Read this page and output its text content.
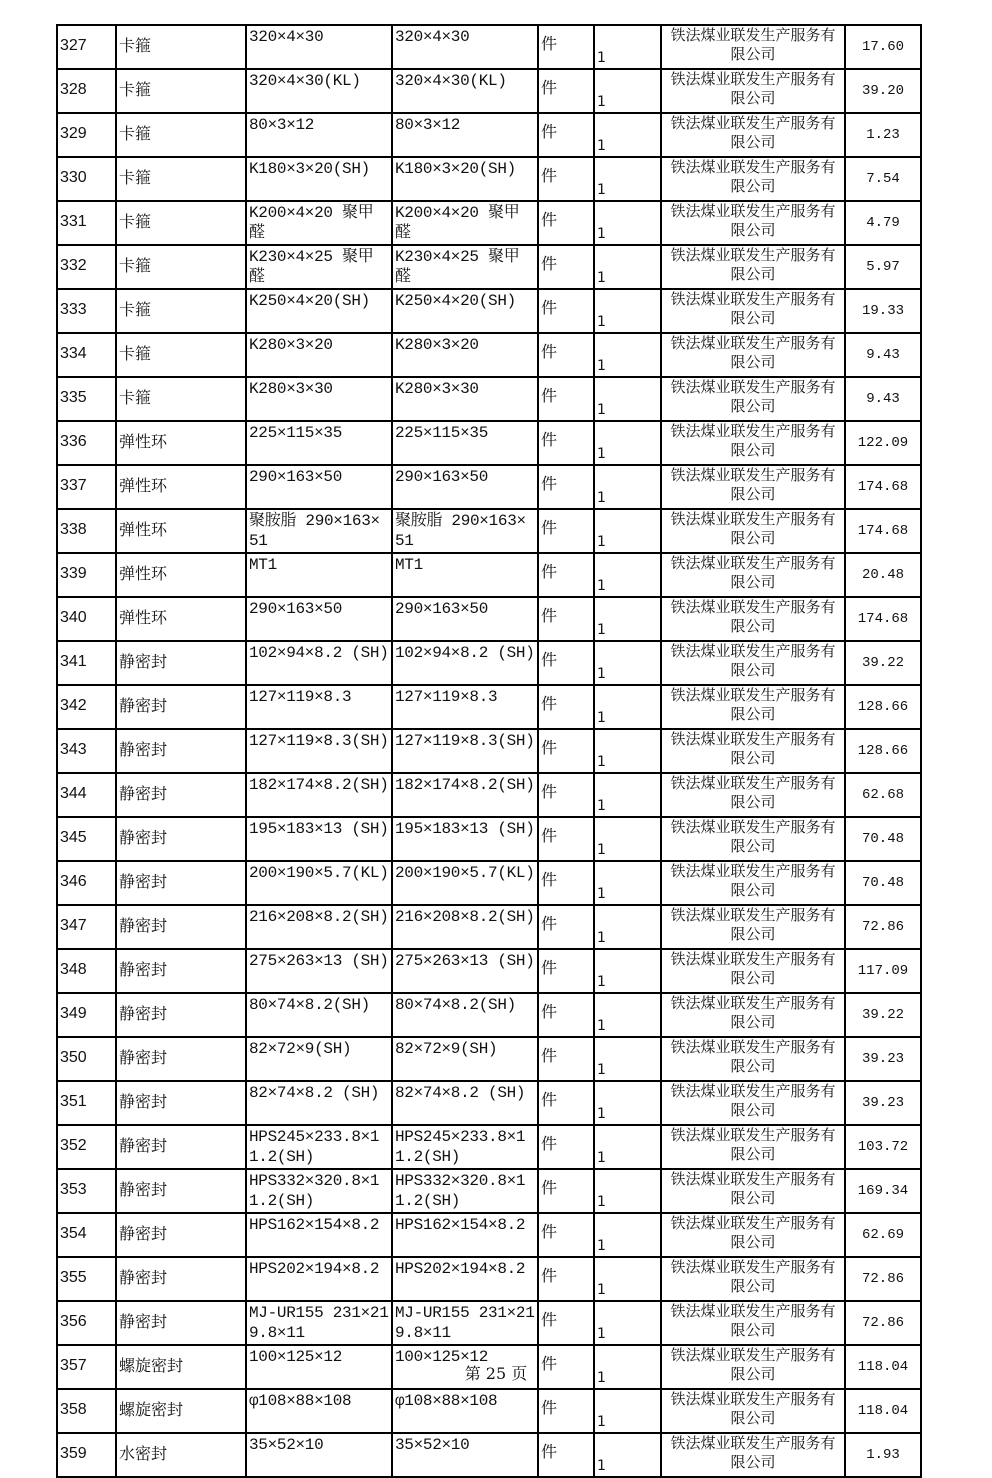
327	卡箍	320×4×30	320×4×30	件	1	铁法煤业联发生产服务有限公司	17.60

328	卡箍	320×4×30(KL)	320×4×30(KL)	件	1	铁法煤业联发生产服务有限公司	39.20

329	卡箍	80×3×12	80×3×12	件	1	铁法煤业联发生产服务有限公司	1.23

330	卡箍	K180×3×20(SH)	K180×3×20(SH)	件	1	铁法煤业联发生产服务有限公司	7.54

331	卡箍	K200×4×20 聚甲醛	K200×4×20 聚甲醛	件	1	铁法煤业联发生产服务有限公司	4.79

332	卡箍	K230×4×25 聚甲醛	K230×4×25 聚甲醛	件	1	铁法煤业联发生产服务有限公司	5.97

333	卡箍	K250×4×20(SH)	K250×4×20(SH)	件	1	铁法煤业联发生产服务有限公司	19.33

334	卡箍	K280×3×20	K280×3×20	件	1	铁法煤业联发生产服务有限公司	9.43

335	卡箍	K280×3×30	K280×3×30	件	1	铁法煤业联发生产服务有限公司	9.43

336	弹性环	225×115×35	225×115×35	件	1	铁法煤业联发生产服务有限公司	122.09

337	弹性环	290×163×50	290×163×50	件	1	铁法煤业联发生产服务有限公司	174.68

338	弹性环	聚胺脂 290×163×51	聚胺脂 290×163×51	件	1	铁法煤业联发生产服务有限公司	174.68

339	弹性环	MT1	MT1	件	1	铁法煤业联发生产服务有限公司	20.48

340	弹性环	290×163×50	290×163×50	件	1	铁法煤业联发生产服务有限公司	174.68

341	静密封	102×94×8.2 (SH)	102×94×8.2 (SH)	件	1	铁法煤业联发生产服务有限公司	39.22

342	静密封	127×119×8.3	127×119×8.3	件	1	铁法煤业联发生产服务有限公司	128.66

343	静密封	127×119×8.3(SH)	127×119×8.3(SH)	件	1	铁法煤业联发生产服务有限公司	128.66

344	静密封	182×174×8.2(SH)	182×174×8.2(SH)	件	1	铁法煤业联发生产服务有限公司	62.68

345	静密封	195×183×13 (SH)	195×183×13 (SH)	件	1	铁法煤业联发生产服务有限公司	70.48

346	静密封	200×190×5.7(KL)	200×190×5.7(KL)	件	1	铁法煤业联发生产服务有限公司	70.48

347	静密封	216×208×8.2(SH)	216×208×8.2(SH)	件	1	铁法煤业联发生产服务有限公司	72.86

348	静密封	275×263×13 (SH)	275×263×13 (SH)	件	1	铁法煤业联发生产服务有限公司	117.09

349	静密封	80×74×8.2(SH)	80×74×8.2(SH)	件	1	铁法煤业联发生产服务有限公司	39.22

350	静密封	82×72×9(SH)	82×72×9(SH)	件	1	铁法煤业联发生产服务有限公司	39.23

351	静密封	82×74×8.2 (SH)	82×74×8.2 (SH)	件	1	铁法煤业联发生产服务有限公司	39.23

352	静密封	HPS245×233.8×11.2(SH)	HPS245×233.8×11.2(SH)	件	1	铁法煤业联发生产服务有限公司	103.72

353	静密封	HPS332×320.8×11.2(SH)	HPS332×320.8×11.2(SH)	件	1	铁法煤业联发生产服务有限公司	169.34

354	静密封	HPS162×154×8.2	HPS162×154×8.2	件	1	铁法煤业联发生产服务有限公司	62.69

355	静密封	HPS202×194×8.2	HPS202×194×8.2	件	1	铁法煤业联发生产服务有限公司	72.86

356	静密封	MJ-UR155 231×219.8×11	MJ-UR155 231×219.8×11	件	1	铁法煤业联发生产服务有限公司	72.86

357	螺旋密封	100×125×12	100×125×12	件	1	铁法煤业联发生产服务有限公司	118.04

358	螺旋密封	φ108×88×108	φ108×88×108	件	1	铁法煤业联发生产服务有限公司	118.04

359	水密封	35×52×10	35×52×10	件	1	铁法煤业联发生产服务有限公司	1.93
第 25 页
